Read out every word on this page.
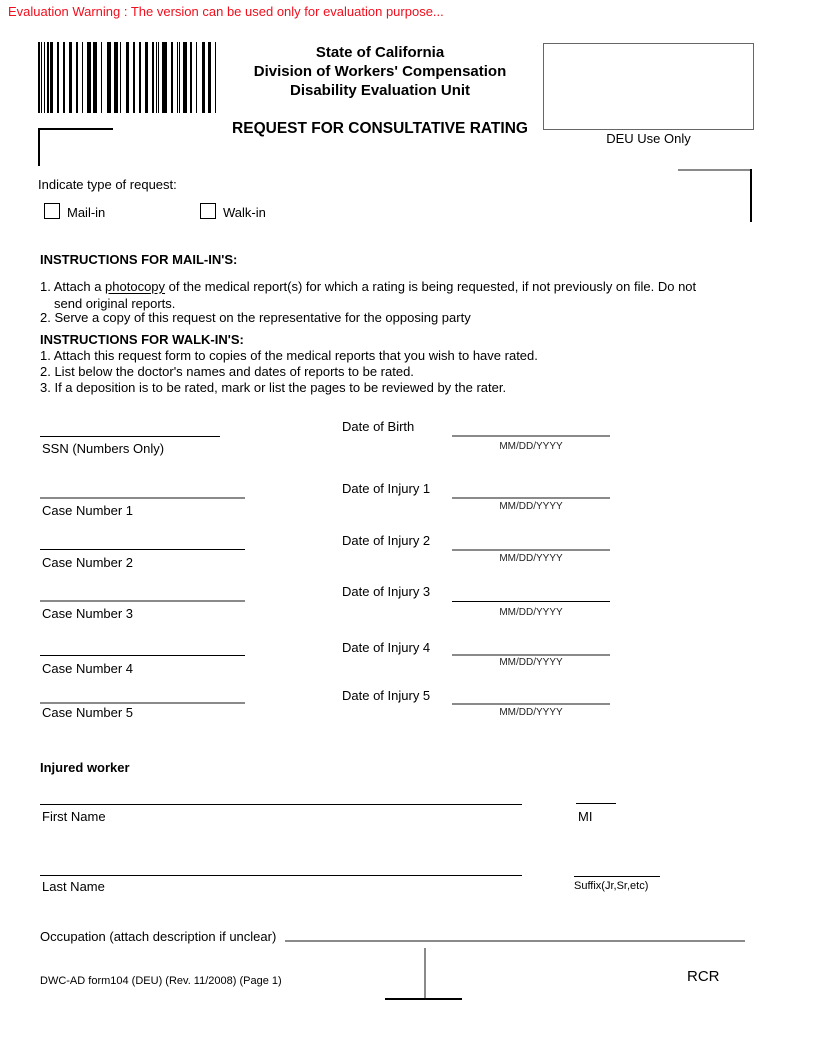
Evaluation Warning : The version can be used only for evaluation purpose...
State of California
Division of Workers' Compensation
Disability Evaluation Unit
REQUEST FOR CONSULTATIVE RATING
DEU Use Only
Indicate type of request:
Mail-in	Walk-in
INSTRUCTIONS FOR MAIL-IN'S:
1. Attach a photocopy of the medical report(s) for which a rating is being requested, if not previously on file. Do not
send original reports.
2. Serve a copy of this request on the representative for the opposing party
INSTRUCTIONS FOR WALK-IN'S:
1. Attach this request form to copies of the medical reports that you wish to have rated.
2. List below the doctor's names and dates of reports to be rated.
3. If a deposition is to be rated, mark or list the pages to be reviewed by the rater.
Date of Birth
SSN (Numbers Only)	MM/DD/YYYY
Date of Injury 1
Case Number 1	MM/DD/YYYY
Date of Injury 2
Case Number 2	MM/DD/YYYY
Date of Injury 3
Case Number 3	MM/DD/YYYY
Date of Injury 4
Case Number 4	MM/DD/YYYY
Date of Injury 5
Case Number 5	MM/DD/YYYY
Injured worker
First Name	MI
Last Name	Suffix(Jr,Sr,etc)
Occupation (attach description if unclear)
DWC-AD form104 (DEU) (Rev. 11/2008) (Page 1)	RCR
